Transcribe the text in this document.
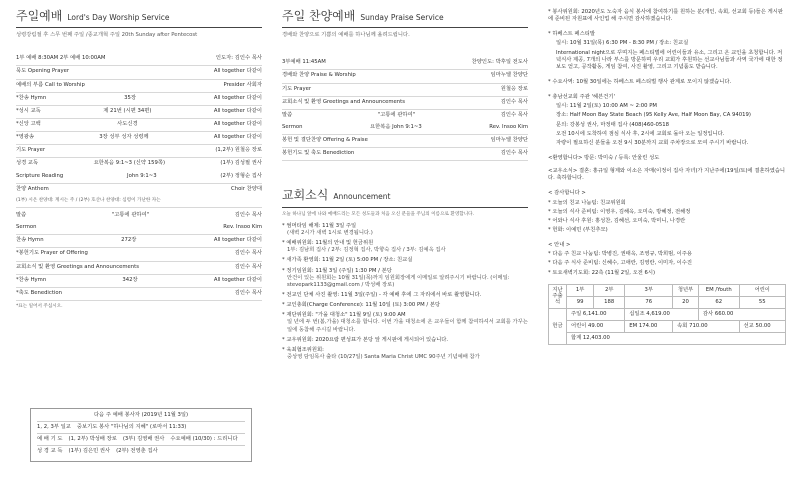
주일예배 Lord's Day Worship Service
성령강림절 후 스무 번째 주일 /종교개혁 주일 20th Sunday after Pentecost
1부 예배 8:30AM 2부 예배 10:00AM	인도자: 김인수 목사
묵도 Opening Prayer	All together 다같이
예배의 부름 Call to Worship	Presider 사회자
*찬송 Hymn	35장	All together 다같이
*성시 교독	제 21번 (시편 34편)	All together 다같이
*신앙 고백	사도신경	All together 다같이
*영광송	3장 성부 성자 성령께	All together 다같이
기도 Prayer	(1,2부) 원철응 장로
성경 교독	요한복음 9:1~3 (신약 159쪽)	(1부) 김성필 권사
Scripture Reading	John 9:1~3	(2부) 정형순 집사
찬양 Anthem	Choir 찬양대
(1부) 시온 찬양대: 계시는 주 / (2부) 호산나 찬양대: 심령이 가난한 자는
말씀	"고통에 관하여"	김인수 목사
Sermon	Rev. Insoo Kim
찬송 Hymn	272장	All together 다같이
*봉헌기도 Prayer of Offering	김인수 목사
교회소식 및 환영 Greetings and Announcements	김인수 목사
*찬송 Hymn	342장	All together 다같이
*축도 Benediction	김인수 목사
*표는 일어서 주십시오.
다음 주 예배 봉사자 (2019년 11월 3일)
1, 2, 3부 일교 중보기도 봉사 "하나님의 지혜" (로마서 11:33)
예 배 기 도 (1, 2부) 박성배 장로 (3부) 김영배 권사 수요예배 (10/30) : 드리니다
성 경 교 독 (1부) 김은민 권사 (2부) 전영춘 집사
주일 찬양예배 Sunday Praise Service
경배와 찬양으로 기쁨의 예배를 하나님께 올려드립니다.
3부예배 11:45AM	찬양인도: 박후일 전도사
경배와 찬양 Praise & Worship	임마누엘 찬양단
기도 Prayer	원철응 장로
교회소식 및 환영 Greetings and Announcements	김인수 목사
말씀	"고통에 관하여"	김인수 목사
Sermon	요한복음 John 9:1~3	Rev. Insoo Kim
봉헌 및 결단찬양 Offering & Praise	임마누엘 찬양단
봉헌기도 및 축도 Benediction	김인수 목사
교회소식 Announcement
오늘 하나님 앞에 나와 예배드리는 모든 성도들과 처음 오신 분들을 주님의 이름으로 환영합니다.
* 썸머타임 해제: 11월 3일 주일
(새벽 2시가 새벽 1시로 변경됩니다.)
* 예배위원회: 11월의 안내 및 헌금위원
1부: 김남희 집사 / 2부: 김정혁 집사, 박향숙 집사 / 3부: 김예옥 집사
* 새가족 환영회: 11월 2일 (토) 5:00 PM / 장소: 친교실
* 정기임원회: 11월 3일 (주일) 1:30 PM / 본당
안건이 있는 위원회는 10월 31일(목)까지 임원회장에게 이메일로 알려주시기 바랍니다. (이메일: stevepark1133@gmail.com / 박성배 장로)
* 전교인 단체 사진 촬영: 11월 3일(주일) - 각 예배 후에 그 자리에서 바로 촬영합니다.
* 교인총회(Charge Conference): 11월 10일 (토) 3:00 PM / 본당
* 재단위원회: "가을 대청소" 11월 9일 (토) 9:00 AM
일 년에 두 번(봄,가을) 대청소를 합니다. 이번 가을 대청소에 온 교우들이 함께 참여하셔서 교회를 가꾸는 일에 동참해 주시길 바랍니다.
* 교우위원회: 2020요람 편성표가 본당 앞 게시판에 게시되어 있습니다.
* 육최협조위원회:
중상영 담임목사 출타 (10/27일) Santa Maria Christ UMC 90주년 기념예배 참가
* 봉사위원회: 2020년도 노숙자 음식 봉사에 참여하기를 원하는 분(개인, 속회, 선교회 등)들은 게시판에 준비된 자원표에 사인업 해 주시면 감사하겠습니다.
* 하베스트 페스티발
일시: 10월 31일(목) 6:30 PM - 8:30 PM / 장소: 친교실
International night으로 꾸며지는 페스티벌에 어린이들과 유소, 그리고 온 교인을 초청합니다. 저녁식사 제공, 7개의 나라 부스를 방문하며 우리 교회가 후원하는 선교사님들과 사역 국가에 대한 정보도 얻고, 공작활동, 게임 참여, 사진 촬영, 그리고 기념품도 받습니다.
* 수요사역: 10월 30일에는 하베스트 페스티벌 행사 관계로 모이지 않겠습니다.
* 총남선교회 주관 '헤븐건기'
일시: 11월 2일(토) 10:00 AM ~ 2:00 PM
장소: Half Moon Bay State Beach (95 Kelly Ave, Half Moon Bay, CA 94019)
문의: 강봉성 권사, 마정태 집사 (408)460-0518
오전 10시에 도착하여 점심 식사 후, 2시에 교회로 돌아 오는 일정입니다.
자량이 필요하신 분들을 오전 9시 30분까지 교회 주차장으로 모여 주시기 바랍니다.
<환영합니다> 방문: 박미숙 / 등록: 안울린 성도
<교우소식> 결혼: 홍규일 형제와 이소은 자매(이정이 집사 자녀)가 지난주에(19일/토)에 결혼하였습니다. 축하합니다.
< 감사합니다 >
* 오늘의 친교 나눔팀: 친교위원회
* 오늘의 식사 준비팀: 이영우, 김해옥, 오미숙, 방혜정, 전해정
* 어와나 식사 후원: 홍성찬, 김혜선, 오미숙, 박미니, 나경란
* 헌화: 이예민 (부친추모)
< 안내 >
* 다음 주 친교 나눔팀: 박병진, 권태옥, 조영규, 박희범, 이주용
* 다음 주 식사 준비팀: 신혜수, 고애란, 김영란, 이미자, 이수진
* 토요새벽기도회: 22측 (11월 2일, 오전 6시)
지난주출석	1부	2부	3부	청년부	EM /Youth	어린이
	99	188	76	20	62	55
헌금	주일 6,141.00		십일조 4,619.00		감사 660.00	
	어린이 49.00		EM 174.00	속회 710.00		선교 50.00
	합계 12,403.00					
